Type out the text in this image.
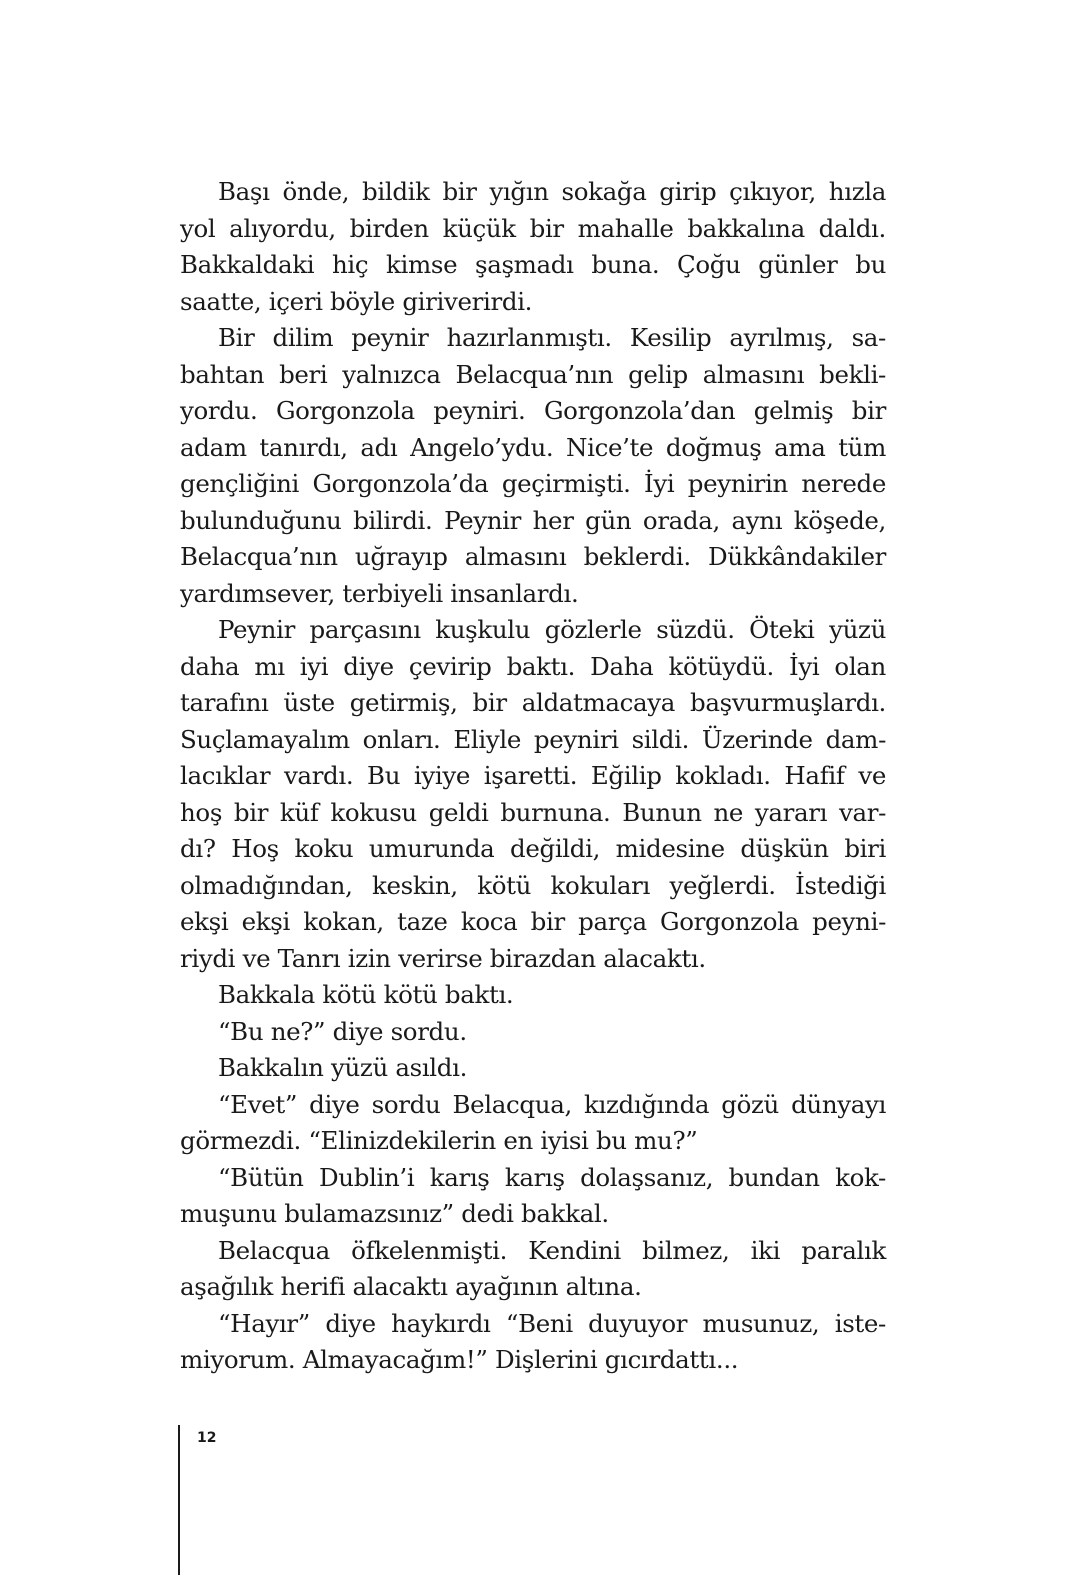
Başı önde, bildik bir yığın sokağa girip çıkıyor, hızla
yol alıyordu, birden küçük bir mahalle bakkalına daldı.
Bakkaldaki hiç kimse şaşmadı buna. Çoğu günler bu
saatte, içeri böyle giriverirdi.
Bir dilim peynir hazırlanmıştı. Kesilip ayrılmış, sa-
bahtan beri yalnızca Belacqua’nın gelip almasını bekli-
yordu. Gorgonzola peyniri. Gorgonzola’dan gelmiş bir
adam tanırdı, adı Angelo’ydu. Nice’te doğmuş ama tüm
gençliğini Gorgonzola’da geçirmişti. İyi peynirin nerede
bulunduğunu bilirdi. Peynir her gün orada, aynı köşede,
Belacqua’nın uğrayıp almasını beklerdi. Dükkândakiler
yardımsever, terbiyeli insanlardı.
Peynir parçasını kuşkulu gözlerle süzdü. Öteki yüzü
daha mı iyi diye çevirip baktı. Daha kötüydü. İyi olan
tarafını üste getirmiş, bir aldatmacaya başvurmuşlardı.
Suçlamayalım onları. Eliyle peyniri sildi. Üzerinde dam-
lacıklar vardı. Bu iyiye işaretti. Eğilip kokladı. Hafif ve
hoş bir küf kokusu geldi burnuna. Bunun ne yararı var-
dı? Hoş koku umurunda değildi, midesine düşkün biri
olmadığından, keskin, kötü kokuları yeğlerdi. İstediği
ekşi ekşi kokan, taze koca bir parça Gorgonzola peyni-
riydi ve Tanrı izin verirse birazdan alacaktı.
Bakkala kötü kötü baktı.
“Bu ne?” diye sordu.
Bakkalın yüzü asıldı.
“Evet” diye sordu Belacqua, kızdığında gözü dünyayı
görmezdi. “Elinizdekilerin en iyisi bu mu?”
“Bütün Dublin’i karış karış dolaşsanız, bundan kok-
muşunu bulamazsınız” dedi bakkal.
Belacqua öfkelenmişti. Kendini bilmez, iki paralık
aşağılık herifi alacaktı ayağının altına.
“Hayır” diye haykırdı “Beni duyuyor musunuz, iste-
miyorum. Almayacağım!” Dişlerini gıcırdattı...
12
